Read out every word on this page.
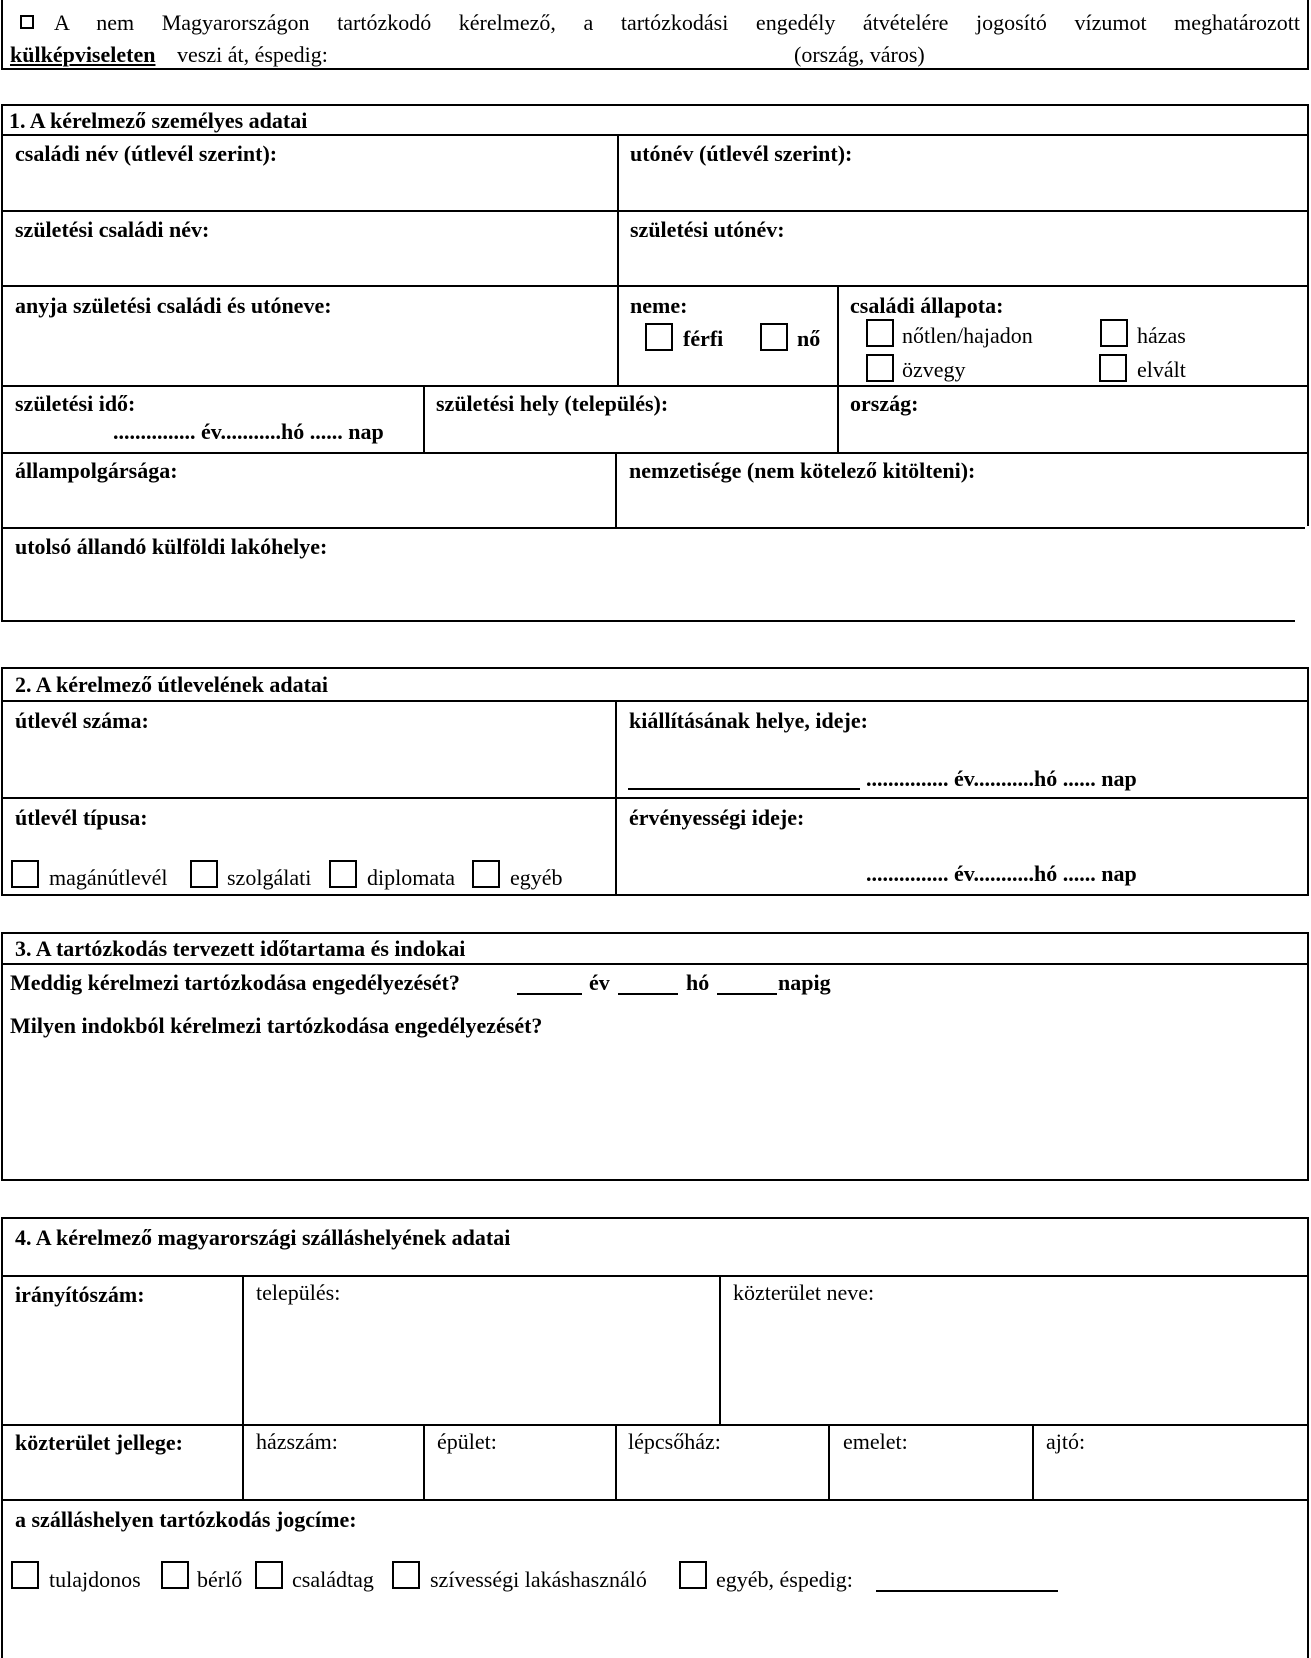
A nem Magyarországon tartózkodó kérelmező, a tartózkodási engedély átvételére jogosító vízumot meghatározott
külképviseleten veszi át, éspedig:	(ország, város)
1. A kérelmező személyes adatai
családi név (útlevél szerint):	utónév (útlevél szerint):
születési családi név:	születési utónév:
anyja születési családi és utóneve:	neme:
férfi	nő
családi állapota:
nőtlen/hajadon	házas
özvegy	elvált
születési idő:
............... év...........hó ...... nap
születési hely (település):	ország:
állampolgársága:	nemzetisége (nem kötelező kitölteni):
utolsó állandó külföldi lakóhelye:
2. A kérelmező útlevelének adatai
útlevél száma:	kiállításának helye, ideje:
............... év...........hó ...... nap
útlevél típusa:
magánútlevél	szolgálati	diplomata	egyéb
érvényességi ideje:
............... év...........hó ...... nap
3. A tartózkodás tervezett időtartama és indokai
Meddig kérelmezi tartózkodása engedélyezését?	év	hó	napig
Milyen indokból kérelmezi tartózkodása engedélyezését?
4. A kérelmező magyarországi szálláshelyének adatai
irányítószám:	település:	közterület neve:
közterület jellege:	házszám:	épület:	lépcsőház:	emelet:	ajtó:
a szálláshelyen tartózkodás jogcíme:
tulajdonos	bérlő családtag	szívességi lakáshasználó	egyéb, éspedig:
